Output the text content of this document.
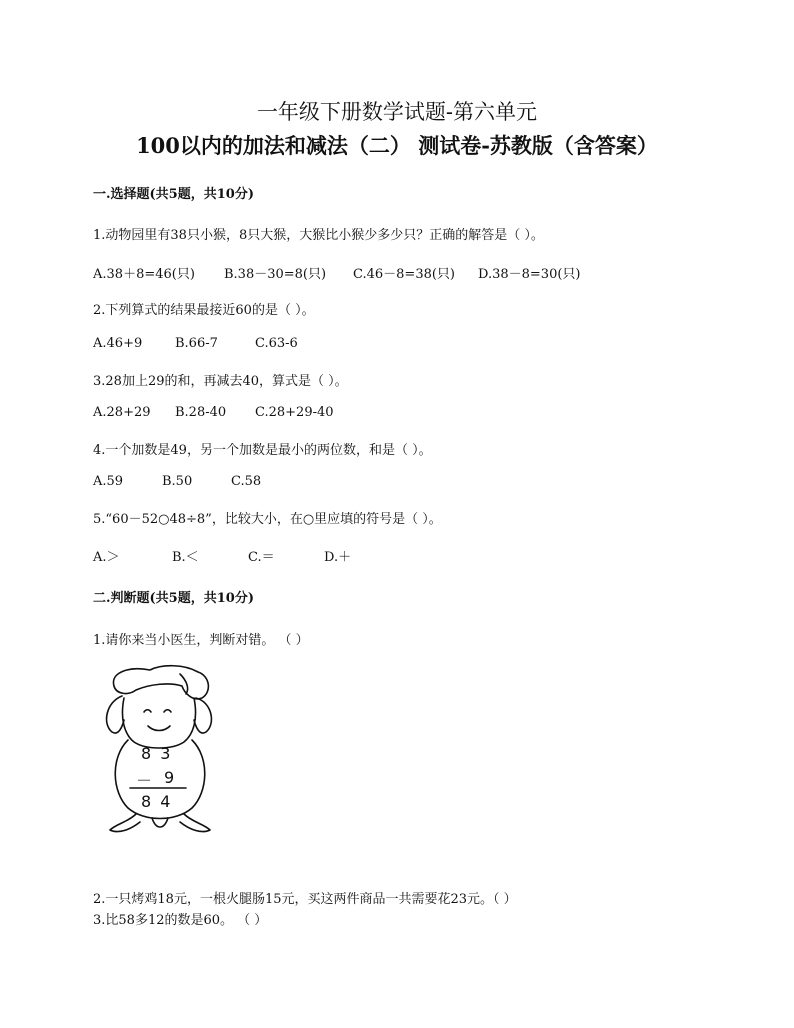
一年级下册数学试题-第六单元
100以内的加法和减法（二） 测试卷-苏教版（含答案）
一.选择题(共5题，共10分)
1.动物园里有38只小猴，8只大猴，大猴比小猴少多少只？正确的解答是（ ）。
A.38＋8=46(只) B.38－30=8(只) C.46－8=38(只) D.38－8=30(只)
2.下列算式的结果最接近60的是（ ）。
A.46+9	B.66-7	C.63-6
3.28加上29的和，再减去40，算式是（ ）。
A.28+29 B.28-40 C.28+29-40
4.一个加数是49，另一个加数是最小的两位数，和是（ ）。
A.59	B.50	C.58
5.“60－52○48÷8”，比较大小，在○里应填的符号是（ ）。
A.＞	B.＜	C.＝	D.＋
二.判断题(共5题，共10分)
1.请你来当小医生，判断对错。 （ ）
8 3
－ 9
8 4
2.一只烤鸡18元，一根火腿肠15元，买这两件商品一共需要花23元。（ ）
3.比58多12的数是60。 （ ）
